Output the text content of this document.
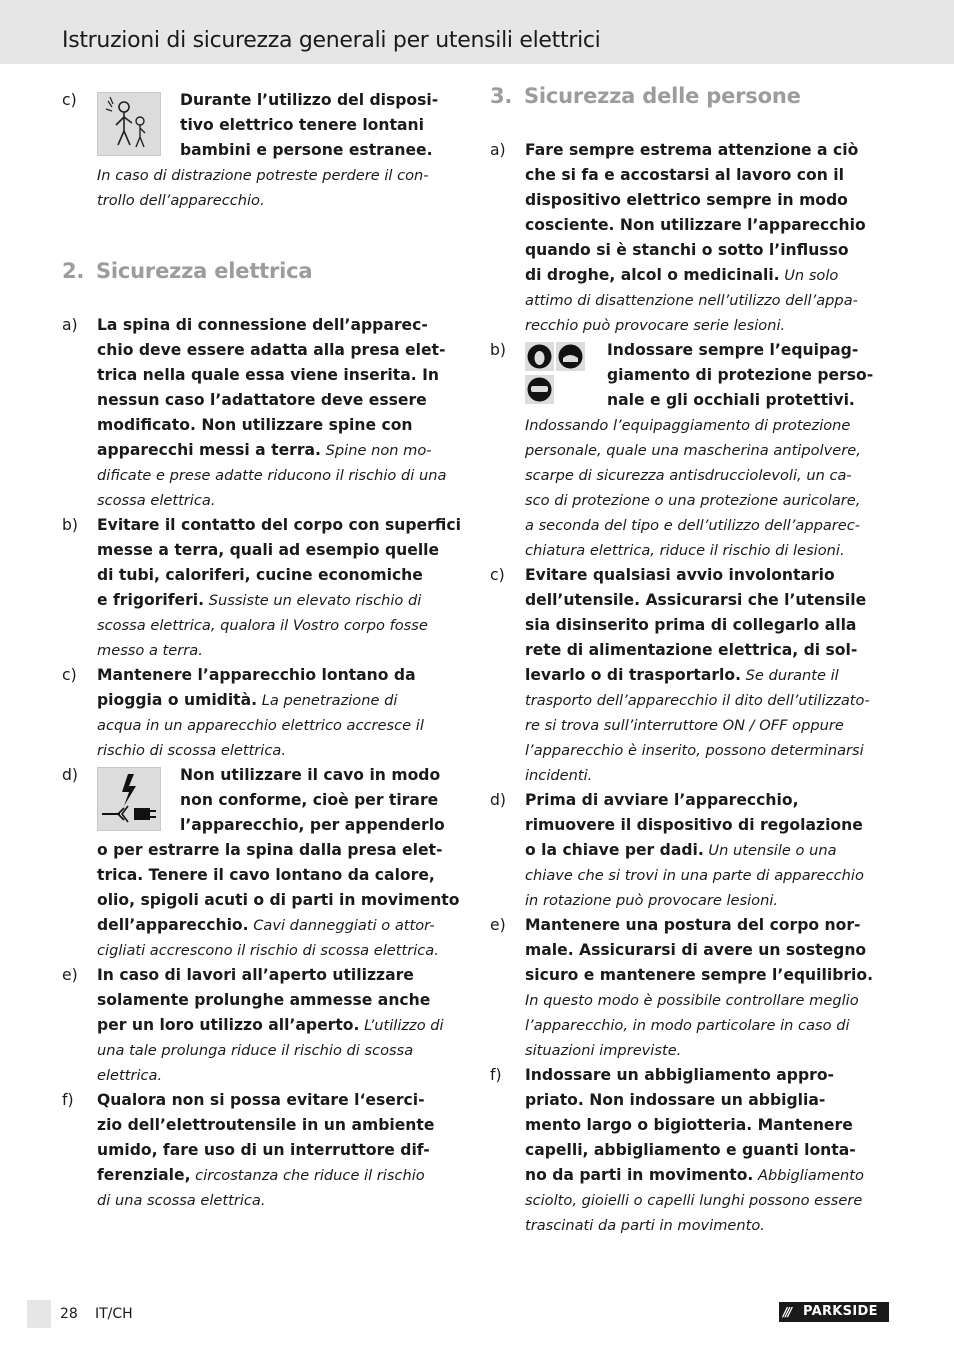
Istruzioni di sicurezza generali per utensili elettrici
c)	Durante l’utilizzo del disposi-
tivo elettrico tenere lontani
bambini e persone estranee.
In caso di distrazione potreste perdere il con-
trollo dell’apparecchio.
2. Sicurezza elettrica
a) La spina di connessione dell’apparec-
chio deve essere adatta alla presa elet-
trica nella quale essa viene inserita. In
nessun caso l’adattatore deve essere
modificato. Non utilizzare spine con
apparecchi messi a terra. Spine non mo-
dificate e prese adatte riducono il rischio di una
scossa elettrica.
b) Evitare il contatto del corpo con superfici
messe a terra, quali ad esempio quelle
di tubi, caloriferi, cucine economiche
e frigoriferi. Sussiste un elevato rischio di
scossa elettrica, qualora il Vostro corpo fosse
messo a terra.
c) Mantenere l’apparecchio lontano da
pioggia o umidità. La penetrazione di
acqua in un apparecchio elettrico accresce il
rischio di scossa elettrica.
d)	Non utilizzare il cavo in modo
non conforme, cioè per tirare
l’apparecchio, per appenderlo
o per estrarre la spina dalla presa elet-
trica. Tenere il cavo lontano da calore,
olio, spigoli acuti o di parti in movimento
dell’apparecchio. Cavi danneggiati o attor-
cigliati accrescono il rischio di scossa elettrica.
e) In caso di lavori all’aperto utilizzare
solamente prolunghe ammesse anche
per un loro utilizzo all’aperto. L’utilizzo di
una tale prolunga riduce il rischio di scossa
elettrica.
f) Qualora non si possa evitare l‘eserci-
zio dell’elettroutensile in un ambiente
umido, fare uso di un interruttore dif-
ferenziale, circostanza che riduce il rischio
di una scossa elettrica.
3. Sicurezza delle persone
a) Fare sempre estrema attenzione a ciò
che si fa e accostarsi al lavoro con il
dispositivo elettrico sempre in modo
cosciente. Non utilizzare l’apparecchio
quando si è stanchi o sotto l’influsso
di droghe, alcol o medicinali. Un solo
attimo di disattenzione nell’utilizzo dell’appa-
recchio può provocare serie lesioni.
b)	Indossare sempre l’equipag-
giamento di protezione perso-
nale e gli occhiali protettivi.
Indossando l’equipaggiamento di protezione
personale, quale una mascherina antipolvere,
scarpe di sicurezza antisdrucciolevoli, un ca-
sco di protezione o una protezione auricolare,
a seconda del tipo e dell’utilizzo dell’apparec-
chiatura elettrica, riduce il rischio di lesioni.
c) Evitare qualsiasi avvio involontario
dell’utensile. Assicurarsi che l’utensile
sia disinserito prima di collegarlo alla
rete di alimentazione elettrica, di sol-
levarlo o di trasportarlo. Se durante il
trasporto dell’apparecchio il dito dell’utilizzato-
re si trova sull’interruttore ON / OFF oppure
l’apparecchio è inserito, possono determinarsi
incidenti.
d) Prima di avviare l’apparecchio,
rimuovere il dispositivo di regolazione
o la chiave per dadi. Un utensile o una
chiave che si trovi in una parte di apparecchio
in rotazione può provocare lesioni.
e) Mantenere una postura del corpo nor-
male. Assicurarsi di avere un sostegno
sicuro e mantenere sempre l’equilibrio.
In questo modo è possibile controllare meglio
l’apparecchio, in modo particolare in caso di
situazioni impreviste.
f) Indossare un abbigliamento appro-
priato. Non indossare un abbiglia-
mento largo o bigiotteria. Mantenere
capelli, abbigliamento e guanti lonta-
no da parti in movimento. Abbigliamento
sciolto, gioielli o capelli lunghi possono essere
trascinati da parti in movimento.
28 IT/CH	/// PARKSIDE
